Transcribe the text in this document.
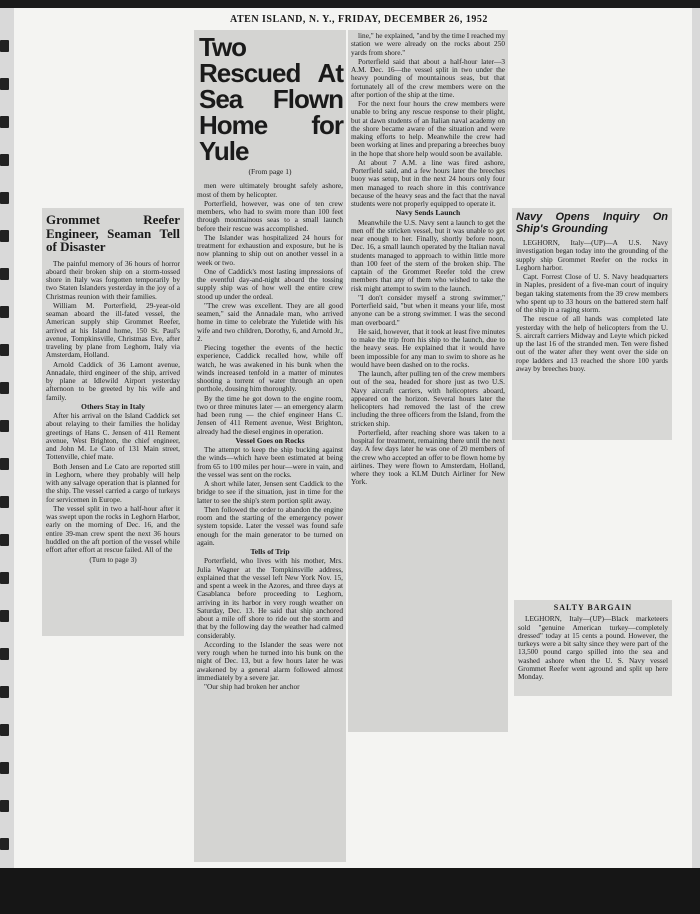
ATEN ISLAND, N. Y., FRIDAY, DECEMBER 26, 1952
Two Rescued At Sea Flown Home for Yule
(From page 1)

men were ultimately brought safely ashore, most of them by helicopter.

Porterfield, however, was one of ten crew members, who had to swim more than 100 feet through mountainous seas to a small launch before their rescue was accomplished.

The Islander was hospitalized 24 hours for treatment for exhaustion and exposure, but he is now planning to ship out on another vessel in a week or two.

One of Caddick's most lasting impressions of the eventful day-and-night aboard the tossing supply ship was of how well the entire crew stood up under the ordeal.

"The crew was excellent. They are all good seamen," said the Annadale man, who arrived home in time to celebrate the Yuletide with his wife and two children, Dorothy, 6, and Arnold Jr., 2.

Piecing together the events of the hectic experience, Caddick recalled how, while off watch, he was awakened in his bunk when the winds increased tenfold in a matter of minutes shooting a torrent of water through an open porthole, dousing him thoroughly.

By the time he got down to the engine room, two or three minutes later — an emergency alarm had been rung — the chief engineer Hans C. Jensen of 411 Rement avenue, West Brighton, already had the diesel engines in operation.

Vessel Goes on Rocks

The attempt to keep the ship bucking against the winds—which have been estimated at being from 65 to 100 miles per hour—were in vain, and the vessel was sent on the rocks.

A short while later, Jensen sent Caddick to the bridge to see if the situation, just in time for the latter to see the ship's stern portion split away.

Then followed the order to abandon the engine room and the starting of the emergency power system topside. Later the vessel was found safe enough for the main generator to be turned on again.

Tells of Trip

Porterfield, who lives with his mother, Mrs. Julia Wagner at the Tompkinsville address, explained that the vessel left New York Nov. 15, and spent a week in the Azores, and three days at Casablanca before proceeding to Leghorn, arriving in its harbor in very rough weather on Saturday, Dec. 13. He said that ship anchored about a mile off shore to ride out the storm and that by the following day the weather had calmed considerably.

According to the Islander the seas were not very rough when he turned into his bunk on the night of Dec. 13, but a few hours later he was awakened by a general alarm followed almost immediately by a severe jar.

"Our ship had broken her anchor

line," he explained, "and by the time I reached my station we were already on the rocks about 250 yards from shore."

Porterfield said that about a half-hour later—3 A.M. Dec. 16—the vessel split in two under the heavy pounding of mountainous seas, but that fortunately all of the crew members were on the after portion of the ship at the time.

For the next four hours the crew members were unable to bring any rescue response to their plight, but at dawn students of an Italian naval academy on the shore became aware of the situation and were making efforts to help. Meanwhile the crew had been working at lines and preparing a breeches buoy in the hope that shore help would soon be available.

At about 7 A.M. a line was fired ashore, Porterfield said, and a few hours later the breeches buoy was setup, but in the next 24 hours only four men managed to reach shore in this contrivance because of the heavy seas and the fact that the naval students were not properly equipped to operate it.

Navy Sends Launch

Meanwhile the U.S. Navy sent a launch to get the men off the stricken vessel, but it was unable to get near enough to her. Finally, shortly before noon, Dec. 16, a small launch operated by the Italian naval students managed to approach to within little more than 100 feet of the stern of the broken ship. The captain of the Grommet Reefer told the crew members that any of them who wished to take the risk might attempt to swim to the launch.

"I don't consider myself a strong swimmer," Porterfield said, "but when it means your life, most anyone can be a strong swimmer. I was the second man overboard."

He said, however, that it took at least five minutes to make the trip from his ship to the launch, due to the heavy seas. He explained that it would have been impossible for any man to swim to shore as he would have been dashed on to the rocks.

The launch, after pulling ten of the crew members out of the sea, headed for shore just as two U.S. Navy aircraft carriers, with helicopters aboard, appeared on the horizon. Several hours later the helicopters had removed the last of the crew including the three officers from the Island, from the stricken ship.

Porterfield, after reaching shore was taken to a hospital for treatment, remaining there until the next day. A few days later he was one of 20 members of the crew who accepted an offer to be flown home by airlines. They were flown to Amsterdam, Holland, where they took a KLM Dutch Airliner for New York.

Grommet Reefer Engineer, Seaman Tell of Disaster

The painful memory of 36 hours of horror aboard their broken ship on a storm-tossed shore in Italy was forgotten temporarily by two Staten Islanders yesterday in the joy of a Christmas reunion with their families.

William M. Porterfield, 29-year-old seaman aboard the ill-fated vessel, the American supply ship Grommet Reefer, arrived at his Island home, 150 St. Paul's avenue, Tompkinsville, Christmas Eve, after traveling by plane from Leghorn, Italy via Amsterdam, Holland.

Arnold Caddick of 36 Lamont avenue, Annadale, third engineer of the ship, arrived by plane at Idlewild Airport yesterday afternoon to be greeted by his wife and family.

Others Stay in Italy

After his arrival on the Island Caddick set about relaying to their families the holiday greetings of Hans C. Jensen of 411 Rement avenue, West Brighton, the chief engineer, and John M. Le Cato of 131 Main street, Tottenville, chief mate.

Both Jensen and Le Cato are reported still in Leghorn, where they probably will help with any salvage operation that is planned for the ship. The vessel carried a cargo of turkeys for servicemen in Europe.

The vessel split in two a half-hour after it was swept upon the rocks in Leghorn Harbor, early on the morning of Dec. 16, and the entire 39-man crew spent the next 36 hours huddled on the aft portion of the vessel while effort after effort at rescue failed. All of the

(Turn to page 3)
Navy Opens Inquiry On Ship's Grounding

LEGHORN, Italy—(UP)—A U.S. Navy investigation began today into the grounding of the supply ship Grommet Reefer on the rocks in Leghorn harbor.

Capt. Forrest Close of U. S. Navy headquarters in Naples, president of a five-man court of inquiry began taking statements from the 39 crew members who spent up to 33 hours on the battered stern half of the ship in a raging storm.

The rescue of all hands was completed late yesterday with the help of helicopters from the U. S. aircraft carriers Midway and Leyte which picked up the last 16 of the stranded men. Ten were fished out of the water after they went over the side on rope ladders and 13 reached the shore 100 yards away by breeches buoy.

SALTY BARGAIN

LEGHORN, Italy—(UP)—Black marketeers sold "genuine American turkey—completely dressed" today at 15 cents a pound. However, the turkeys were a bit salty since they were part of the 13,500 pound cargo spilled into the sea and washed ashore when the U. S. Navy vessel Grommet Reefer went aground and split up here Monday.
